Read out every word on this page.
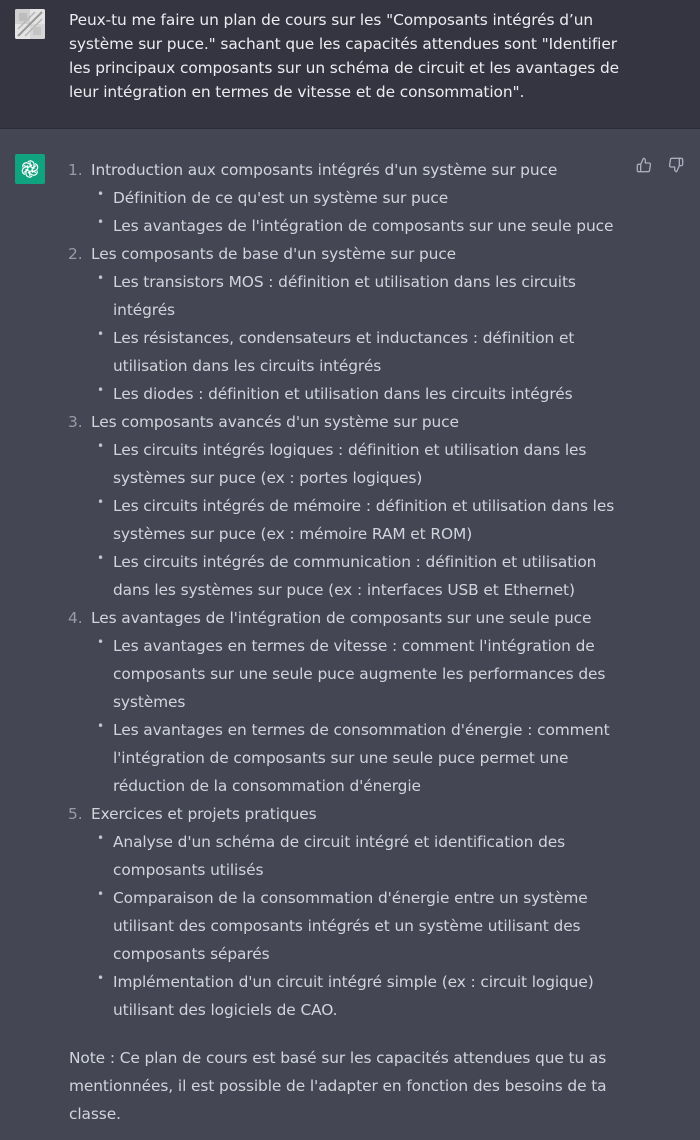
Peux-tu me faire un plan de cours sur les "Composants intégrés d’un système sur puce." sachant que les capacités attendues sont "Identifier les principaux composants sur un schéma de circuit et les avantages de leur intégration en termes de vitesse et de consommation".

1. Introduction aux composants intégrés d'un système sur puce
• Définition de ce qu'est un système sur puce
• Les avantages de l'intégration de composants sur une seule puce
2. Les composants de base d'un système sur puce
• Les transistors MOS : définition et utilisation dans les circuits intégrés
• Les résistances, condensateurs et inductances : définition et utilisation dans les circuits intégrés
• Les diodes : définition et utilisation dans les circuits intégrés
3. Les composants avancés d'un système sur puce
• Les circuits intégrés logiques : définition et utilisation dans les systèmes sur puce (ex : portes logiques)
• Les circuits intégrés de mémoire : définition et utilisation dans les systèmes sur puce (ex : mémoire RAM et ROM)
• Les circuits intégrés de communication : définition et utilisation dans les systèmes sur puce (ex : interfaces USB et Ethernet)
4. Les avantages de l'intégration de composants sur une seule puce
• Les avantages en termes de vitesse : comment l'intégration de composants sur une seule puce augmente les performances des systèmes
• Les avantages en termes de consommation d'énergie : comment l'intégration de composants sur une seule puce permet une réduction de la consommation d'énergie
5. Exercices et projets pratiques
• Analyse d'un schéma de circuit intégré et identification des composants utilisés
• Comparaison de la consommation d'énergie entre un système utilisant des composants intégrés et un système utilisant des composants séparés
• Implémentation d'un circuit intégré simple (ex : circuit logique) utilisant des logiciels de CAO.

Note : Ce plan de cours est basé sur les capacités attendues que tu as mentionnées, il est possible de l'adapter en fonction des besoins de ta classe.
